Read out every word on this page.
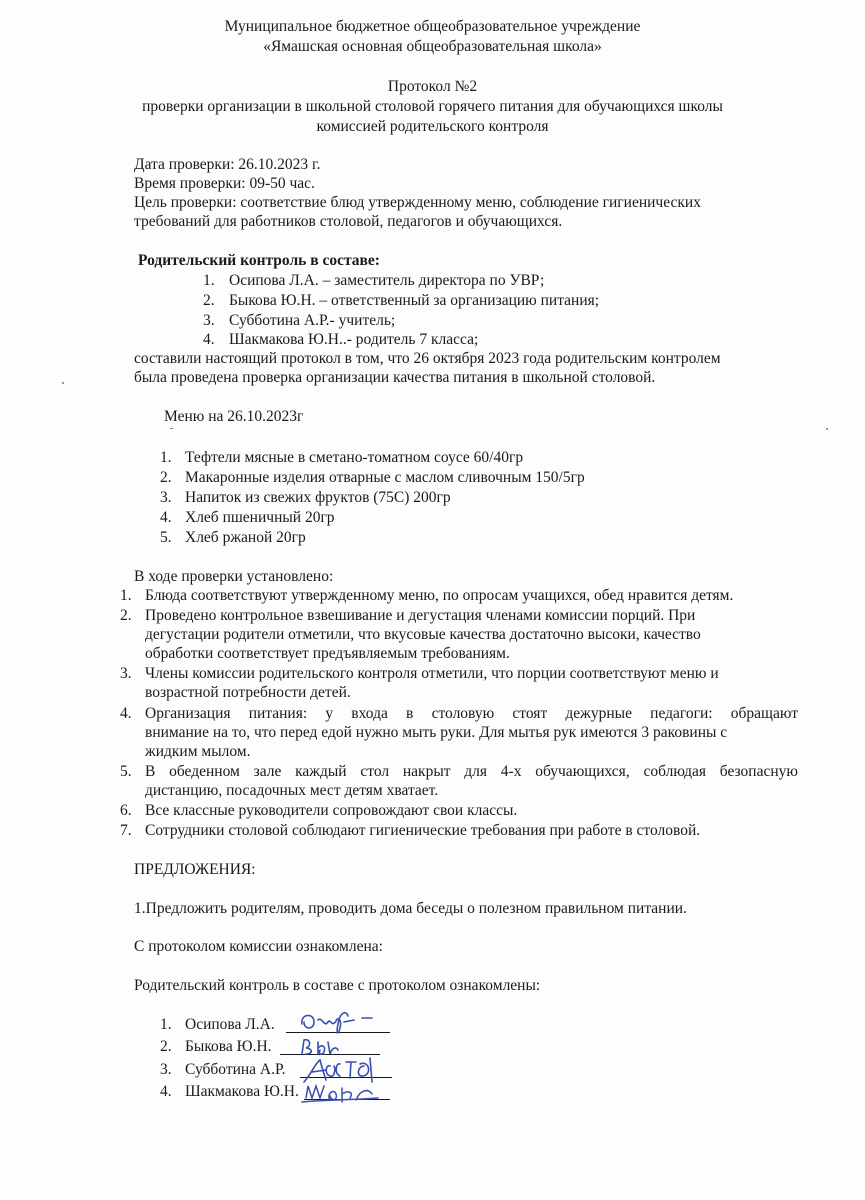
Муниципальное бюджетное общеобразовательное учреждение
«Ямашская основная общеобразовательная школа»
Протокол №2
проверки организации в школьной столовой горячего питания для обучающихся школы
комиссией родительского контроля
Дата проверки: 26.10.2023 г.
Время проверки: 09-50 час.
Цель проверки: соответствие блюд утвержденному меню, соблюдение гигиенических
требований для работников столовой, педагогов и обучающихся.
Родительский контроль в составе:
1. Осипова Л.А. – заместитель директора по УВР;
2. Быкова Ю.Н. – ответственный за организацию питания;
3. Субботина А.Р.- учитель;
4. Шакмакова Ю.Н..- родитель 7 класса;
составили настоящий протокол в том, что 26 октября 2023 года родительским контролем
была проведена проверка организации качества питания в школьной столовой.
Меню на 26.10.2023г
1. Тефтели мясные в сметано-томатном соусе 60/40гр
2. Макаронные изделия отварные с маслом сливочным 150/5гр
3. Напиток из свежих фруктов (75С) 200гр
4. Хлеб пшеничный 20гр
5. Хлеб ржаной 20гр
В ходе проверки установлено:
1. Блюда соответствуют утвержденному меню, по опросам учащихся, обед нравится детям.
2. Проведено контрольное взвешивание и дегустация членами комиссии порций. При
дегустации родители отметили, что вкусовые качества достаточно высоки, качество
обработки соответствует предъявляемым требованиям.
3. Члены комиссии родительского контроля отметили, что порции соответствуют меню и
возрастной потребности детей.
4. Организация питания: у входа в столовую стоят дежурные педагоги: обращают
внимание на то, что перед едой нужно мыть руки. Для мытья рук имеются 3 раковины с
жидким мылом.
5. В обеденном зале каждый стол накрыт для 4-х обучающихся, соблюдая безопасную
дистанцию, посадочных мест детям хватает.
6. Все классные руководители сопровождают свои классы.
7. Сотрудники столовой соблюдают гигиенические требования при работе в столовой.
ПРЕДЛОЖЕНИЯ:
1.Предложить родителям, проводить дома беседы о полезном правильном питании.
С протоколом комиссии ознакомлена:
Родительский контроль в составе с протоколом ознакомлены:
1. Осипова Л.А.
2. Быкова Ю.Н.
3. Субботина А.Р.
4. Шакмакова Ю.Н.
